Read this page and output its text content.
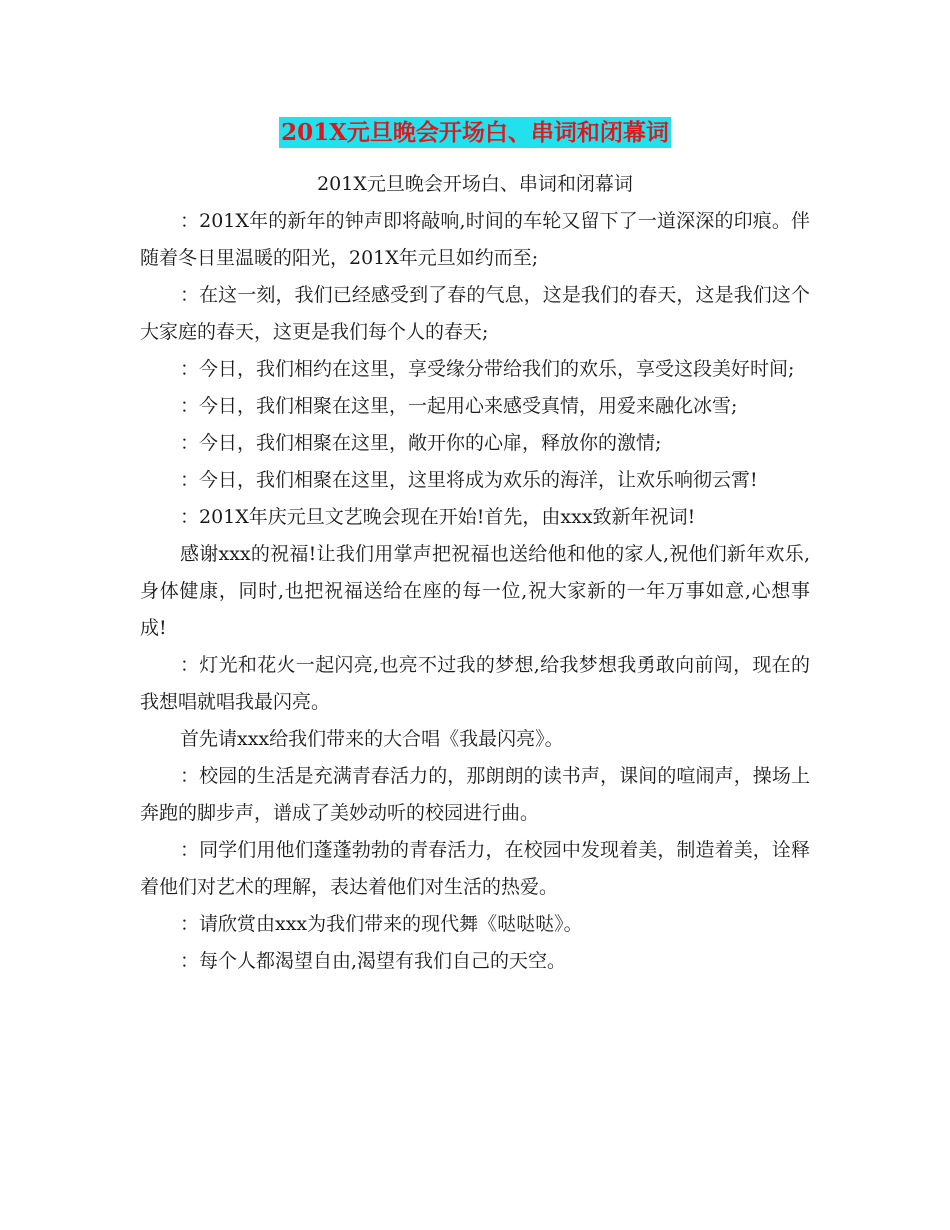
201X元旦晚会开场白、串词和闭幕词

201X元旦晚会开场白、串词和闭幕词

：201X年的新年的钟声即将敲响,时间的车轮又留下了一道深深的印痕。伴随着冬日里温暖的阳光，201X年元旦如约而至;

：在这一刻，我们已经感受到了春的气息，这是我们的春天，这是我们这个大家庭的春天，这更是我们每个人的春天;

：今日，我们相约在这里，享受缘分带给我们的欢乐，享受这段美好时间;

：今日，我们相聚在这里，一起用心来感受真情，用爱来融化冰雪;

：今日，我们相聚在这里，敞开你的心扉，释放你的激情;

：今日，我们相聚在这里，这里将成为欢乐的海洋，让欢乐响彻云霄!

：201X年庆元旦文艺晚会现在开始!首先，由xxx致新年祝词!

感谢xxx的祝福!让我们用掌声把祝福也送给他和他的家人,祝他们新年欢乐,身体健康，同时,也把祝福送给在座的每一位,祝大家新的一年万事如意,心想事成!

：灯光和花火一起闪亮,也亮不过我的梦想,给我梦想我勇敢向前闯，现在的我想唱就唱我最闪亮。

首先请xxx给我们带来的大合唱《我最闪亮》。

：校园的生活是充满青春活力的，那朗朗的读书声，课间的喧闹声，操场上奔跑的脚步声，谱成了美妙动听的校园进行曲。

：同学们用他们蓬蓬勃勃的青春活力，在校园中发现着美，制造着美，诠释着他们对艺术的理解，表达着他们对生活的热爱。

：请欣赏由xxx为我们带来的现代舞《哒哒哒》。

：每个人都渴望自由,渴望有我们自己的天空。
